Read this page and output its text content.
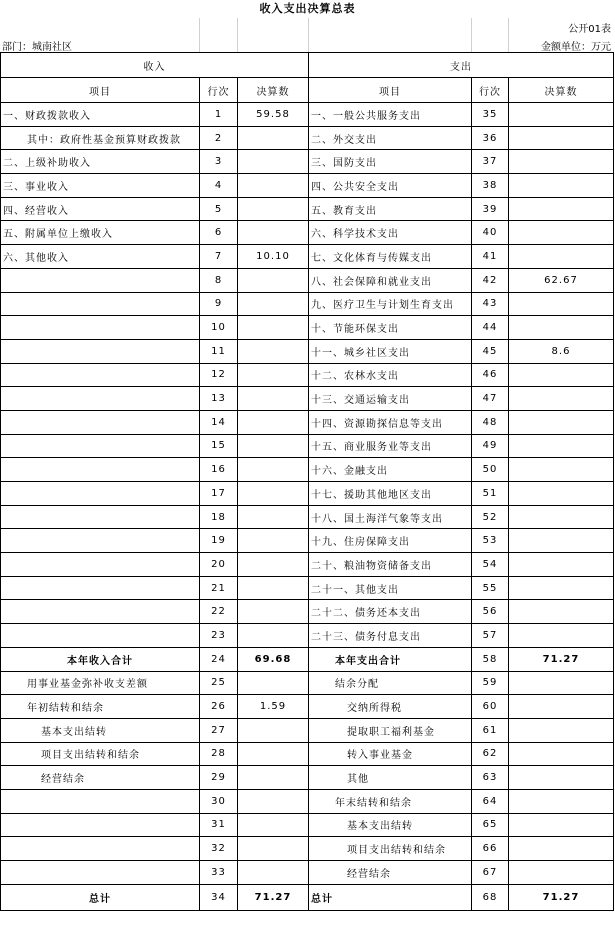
收入支出决算总表
公开01表
部门：城南社区	金额单位：万元
收入			支出		
项目	行次	决算数	项目	行次	决算数
一、财政拨款收入	1	59.58	一、一般公共服务支出	35	
其中：政府性基金预算财政拨款	2		二、外交支出	36	
二、上级补助收入	3		三、国防支出	37	
三、事业收入	4		四、公共安全支出	38	
四、经营收入	5		五、教育支出	39	
五、附属单位上缴收入	6		六、科学技术支出	40	
六、其他收入	7	10.10	七、文化体育与传媒支出	41	
	8		八、社会保障和就业支出	42	62.67
	9		九、医疗卫生与计划生育支出	43	
	10		十、节能环保支出	44	
	11		十一、城乡社区支出	45	8.6
	12		十二、农林水支出	46	
	13		十三、交通运输支出	47	
	14		十四、资源勘探信息等支出	48	
	15		十五、商业服务业等支出	49	
	16		十六、金融支出	50	
	17		十七、援助其他地区支出	51	
	18		十八、国土海洋气象等支出	52	
	19		十九、住房保障支出	53	
	20		二十、粮油物资储备支出	54	
	21		二十一、其他支出	55	
	22		二十二、债务还本支出	56	
	23		二十三、债务付息支出	57	
本年收入合计	24	69.68	本年支出合计	58	71.27
用事业基金弥补收支差额	25		结余分配	59	
年初结转和结余	26	1.59	交纳所得税	60	
基本支出结转	27		提取职工福利基金	61	
项目支出结转和结余	28		转入事业基金	62	
经营结余	29		其他	63	
	30		年末结转和结余	64	
	31		基本支出结转	65	
	32		项目支出结转和结余	66	
	33		经营结余	67	
总计	34	71.27	总计	68	71.27
